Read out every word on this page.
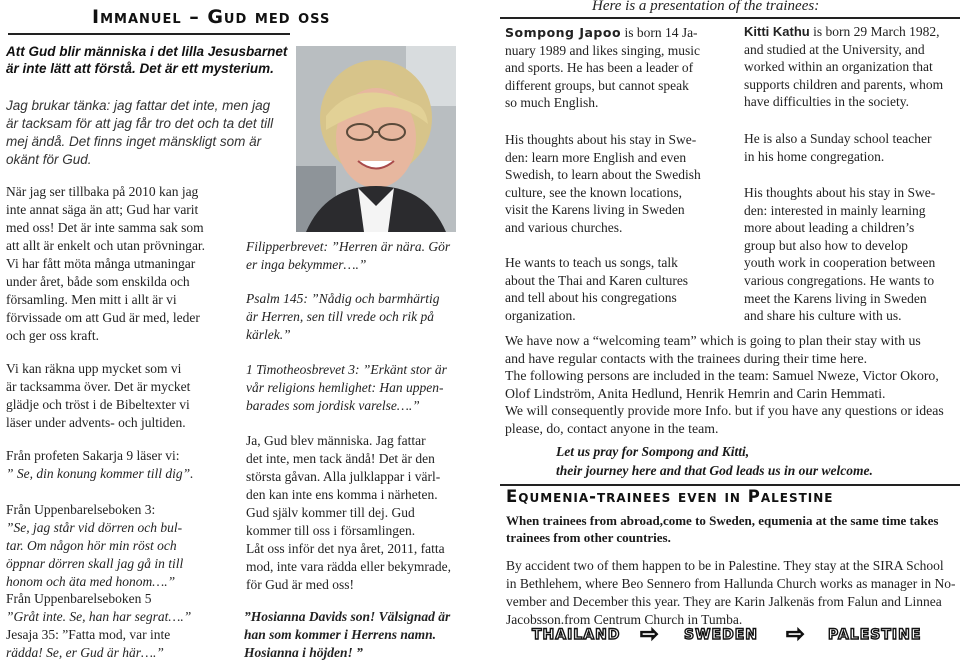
Immanuel – Gud med oss
Att Gud blir människa i det lilla Jesusbarnet
är inte lätt att förstå. Det är ett mysterium.
Jag brukar tänka: jag fattar det inte, men jag
är tacksam för att jag får tro det och ta det till
mej ändå. Det finns inget mänskligt som är
okänt för Gud.
När jag ser tillbaka på 2010 kan jag
inte annat säga än att; Gud har varit
med oss! Det är inte samma sak som
att allt är enkelt och utan prövningar.
Vi har fått möta många utmaningar
under året, både som enskilda och
församling. Men mitt i allt är vi
förvissade om att Gud är med, leder
och ger oss kraft.
Vi kan räkna upp mycket som vi
är tacksamma över. Det är mycket
glädje och tröst i de Bibeltexter vi
läser under advents- och jultiden.
Från profeten Sakarja 9 läser vi:
” Se, din konung kommer till dig”.
Från Uppenbarelseboken 3:
”Se, jag står vid dörren och bul-
tar. Om någon hör min röst och
öppnar dörren skall jag gå in till
honom och äta med honom….”
Från Uppenbarelseboken 5
”Gråt inte. Se, han har segrat….”
Jesaja 35: ”Fatta mod, var inte
rädda! Se, er Gud är här….”
Filipperbrevet: ”Herren är nära. Gör
er inga bekymmer….”
Psalm 145: ”Nådig och barmhärtig
är Herren, sen till vrede och rik på
kärlek.”
1 Timotheosbrevet 3: ”Erkänt stor är
vår religions hemlighet: Han uppen-
barades som jordisk varelse….”
Ja, Gud blev människa. Jag fattar
det inte, men tack ändå! Det är den
största gåvan. Alla julklappar i värl-
den kan inte ens komma i närheten.
Gud själv kommer till dej. Gud
kommer till oss i församlingen.
Låt oss inför det nya året, 2011, fatta
mod, inte vara rädda eller bekymrade,
för Gud är med oss!
”Hosianna Davids son! Välsignad är
han som kommer i Herrens namn.
Hosianna i höjden! ”
Here is a presentation of the trainees:
Sompong Japoo is born 14 Ja-
nuary 1989 and likes singing, music
and sports. He has been a leader of
different groups, but cannot speak
so much English.
His thoughts about his stay in Swe-
den: learn more English and even
Swedish, to learn about the Swedish
culture, see the known locations,
visit the Karens living in Sweden
and various churches.
He wants to teach us songs, talk
about the Thai and Karen cultures
and tell about his congregations
organization.
Kitti Kathu is born 29 March 1982,
and studied at the University, and
worked within an organization that
supports children and parents, whom
have difficulties in the society.
He is also a Sunday school teacher
in his home congregation.
His thoughts about his stay in Swe-
den: interested in mainly learning
more about leading a children’s
group but also how to develop
youth work in cooperation between
various congregations. He wants to
meet the Karens living in Sweden
and share his culture with us.
We have now a “welcoming team” which is going to plan their stay with us
and have regular contacts with the trainees during their time here.
The following persons are included in the team: Samuel Nweze, Victor Okoro,
Olof Lindström, Anita Hedlund, Henrik Hemrin and Carin Hemmati.
We will consequently provide more Info. but if you have any questions or ideas
please, do, contact anyone in the team.
Let us pray for Sompong and Kitti,
their journey here and that God leads us in our welcome.
Equmenia-trainees even in Palestine
When trainees from abroad,come to Sweden, equmenia at the same time takes
trainees from other countries.
By accident two of them happen to be in Palestine. They stay at the SIRA School
in Bethlehem, where Beo Sennero from Hallunda Church works as manager in No-
vember and December this year. They are Karin Jalkenäs from Falun and Linnea
Jacobsson.from Centrum Church in Tumba.
THAILAND ⇨ SWEDEN ⇨ PALESTINE
